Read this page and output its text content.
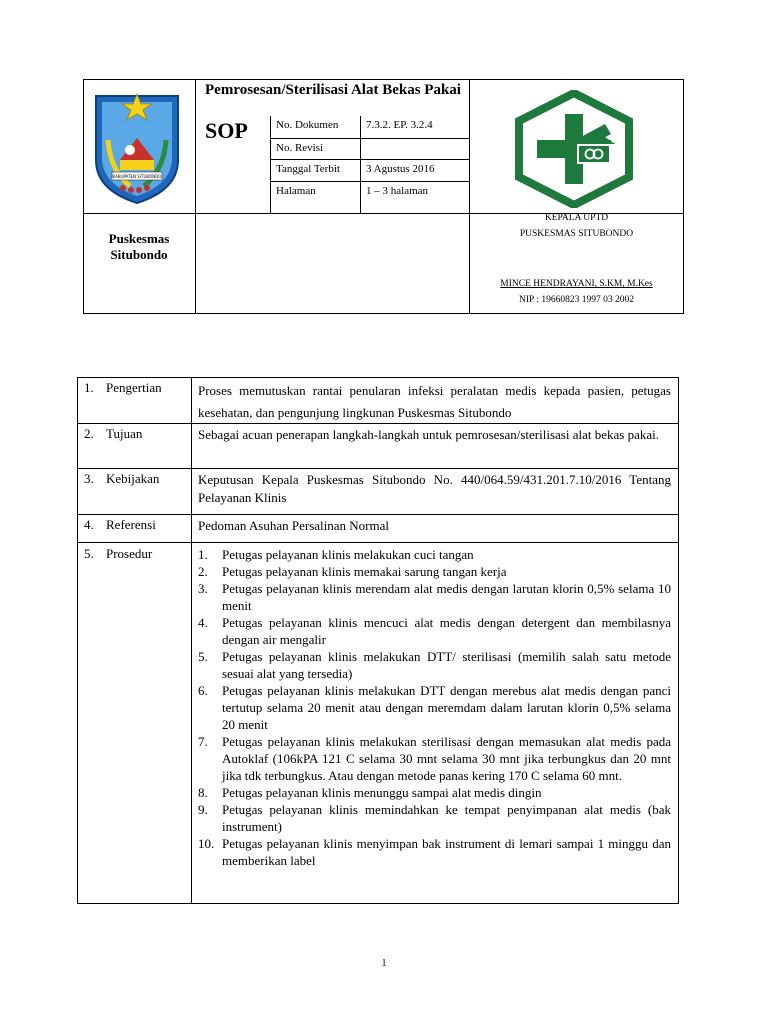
KABUPATEN SITUBONDO
Pemrosesan/Sterilisasi Alat Bekas Pakai
SOP	No. Dokumen	7.3.2. EP. 3.2.4
No. Revisi
Tanggal Terbit 3 Agustus 2016
Halaman	1 – 3 halaman
Puskesmas Situbondo
KEPALA UPTD
PUSKESMAS SITUBONDO
MINCE HENDRAYANI, S.KM, M.Kes
NIP : 19660823 1997 03 2002
1. Pengertian	Proses memutuskan rantai penularan infeksi peralatan medis kepada pasien, petugas kesehatan, dan pengunjung lingkunan Puskesmas Situbondo
2. Tujuan	Sebagai acuan penerapan langkah-langkah untuk pemrosesan/sterilisasi alat bekas pakai.
3. Kebijakan	Keputusan Kepala Puskesmas Situbondo No. 440/064.59/431.201.7.10/2016 Tentang Pelayanan Klinis
4. Referensi	Pedoman Asuhan Persalinan Normal
5. Prosedur	1. Petugas pelayanan klinis melakukan cuci tangan
2. Petugas pelayanan klinis memakai sarung tangan kerja
3. Petugas pelayanan klinis merendam alat medis dengan larutan klorin 0,5% selama 10 menit
4. Petugas pelayanan klinis mencuci alat medis dengan detergent dan membilasnya dengan air mengalir
5. Petugas pelayanan klinis melakukan DTT/ sterilisasi (memilih salah satu metode sesuai alat yang tersedia)
6. Petugas pelayanan klinis melakukan DTT dengan merebus alat medis dengan panci tertutup selama 20 menit atau dengan meremdam dalam larutan klorin 0,5% selama 20 menit
7. Petugas pelayanan klinis melakukan sterilisasi dengan memasukan alat medis pada Autoklaf (106kPA 121 C selama 30 mnt selama 30 mnt jika terbungkus dan 20 mnt jika tdk terbungkus. Atau dengan metode panas kering 170 C selama 60 mnt.
8. Petugas pelayanan klinis menunggu sampai alat medis dingin
9. Petugas pelayanan klinis memindahkan ke tempat penyimpanan alat medis (bak instrument)
10. Petugas pelayanan klinis menyimpan bak instrument di lemari sampai 1 minggu dan memberikan label
1
